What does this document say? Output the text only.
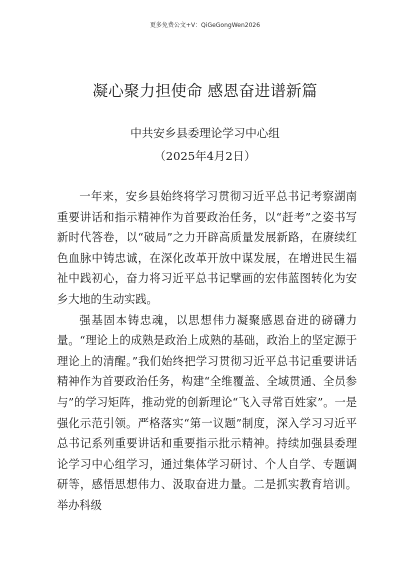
更多免费公文+V：QiGeGongWen2026
凝心聚力担使命 感恩奋进谱新篇
中共安乡县委理论学习中心组
（2025年4月2日）

一年来，安乡县始终将学习贯彻习近平总书记考察湖南重要讲话和指示精神作为首要政治任务，以“赶考”之姿书写新时代答卷，以“破局”之力开辟高质量发展新路，在赓续红色血脉中铸忠诚，在深化改革开放中谋发展，在增进民生福祉中践初心，奋力将习近平总书记擘画的宏伟蓝图转化为安乡大地的生动实践。

强基固本铸忠魂，以思想伟力凝聚感恩奋进的磅礴力量。“理论上的成熟是政治上成熟的基础，政治上的坚定源于理论上的清醒。”我们始终把学习贯彻习近平总书记重要讲话精神作为首要政治任务，构建“全维覆盖、全域贯通、全员参与”的学习矩阵，推动党的创新理论“飞入寻常百姓家”。一是强化示范引领。严格落实“第一议题”制度，深入学习习近平总书记系列重要讲话和重要指示批示精神。持续加强县委理论学习中心组学习，通过集体学习研讨、个人自学、专题调研等，感悟思想伟力、汲取奋进力量。二是抓实教育培训。举办科级
